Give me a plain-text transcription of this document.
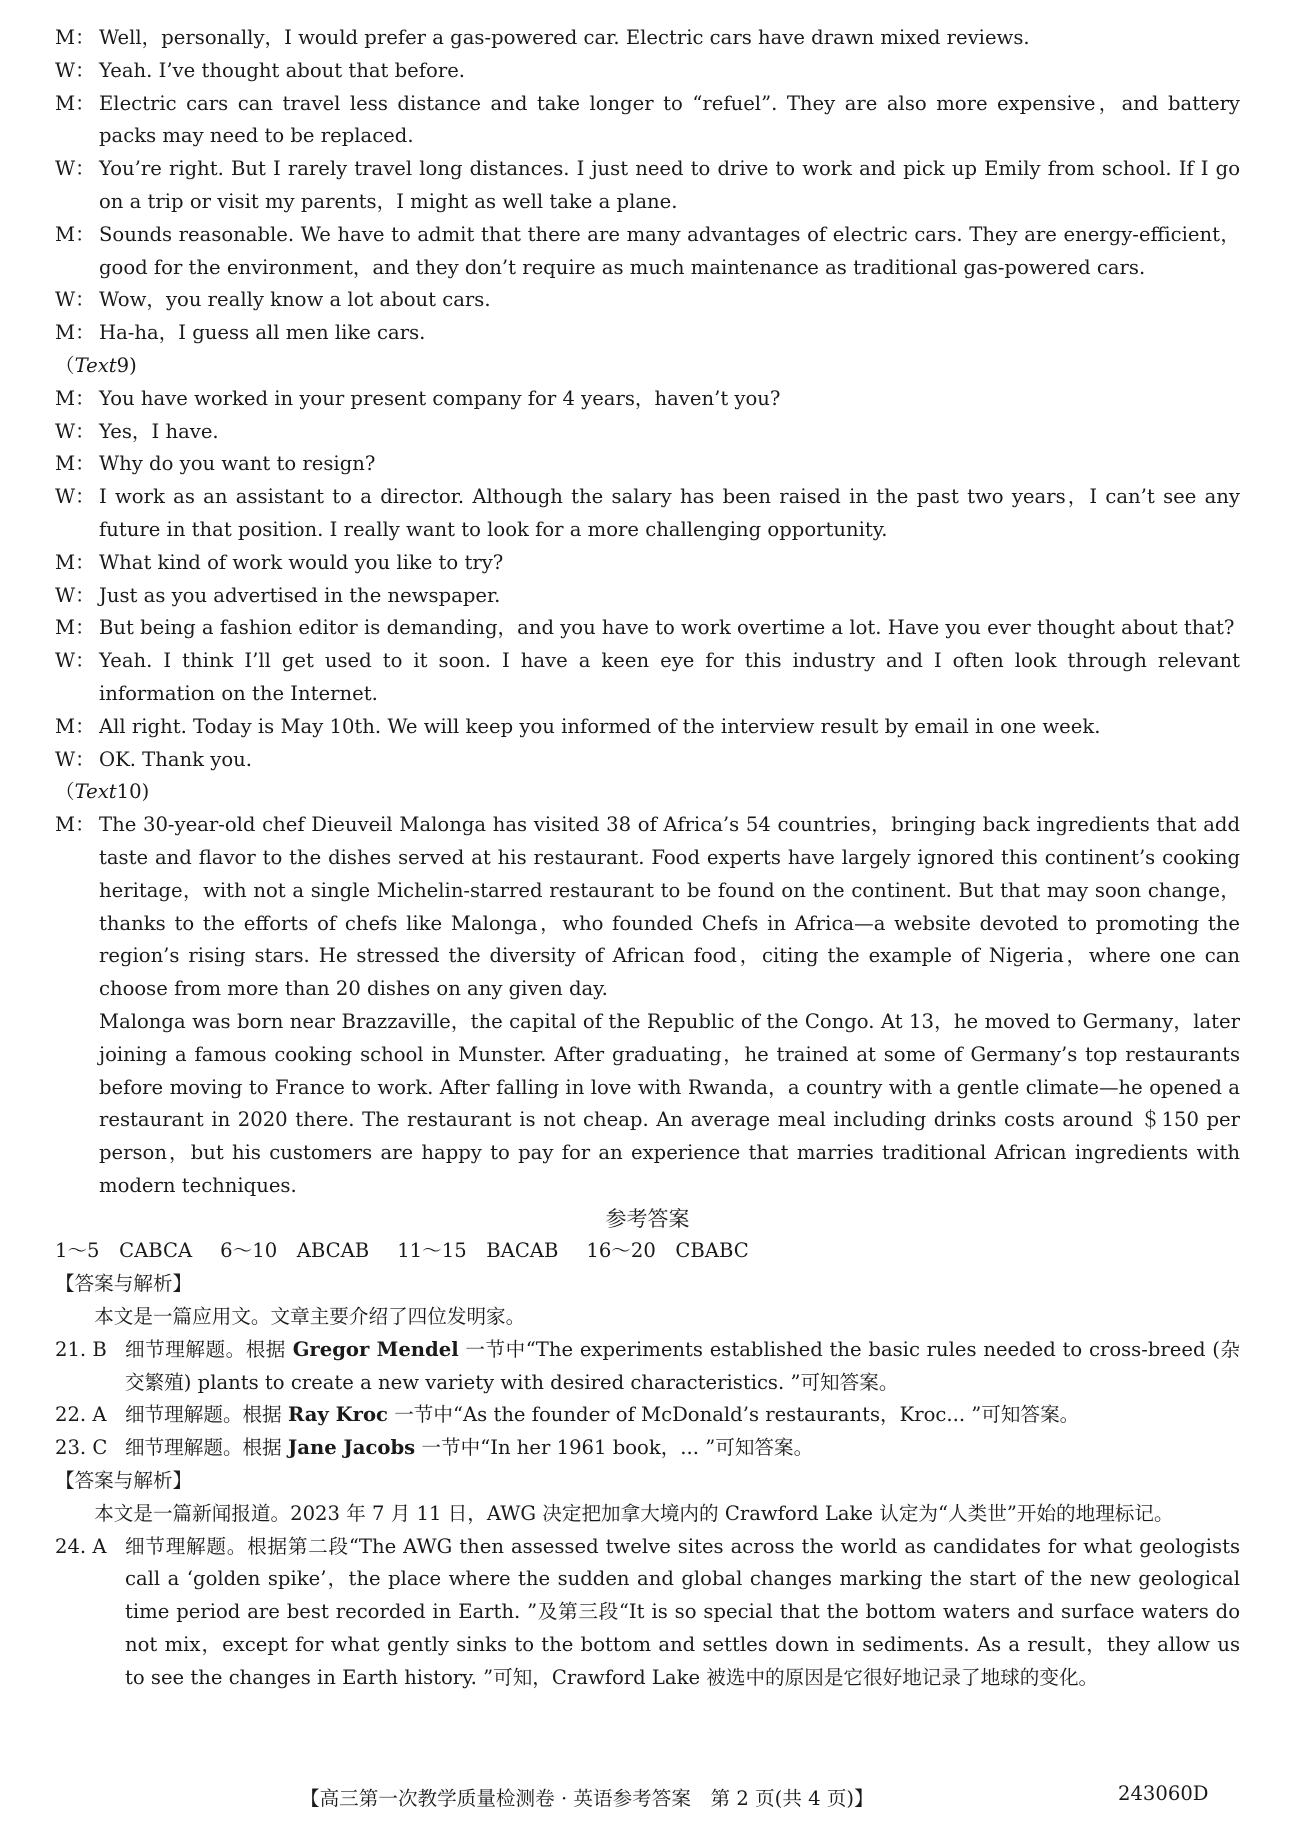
M： Well，personally，I would prefer a gas-powered car. Electric cars have drawn mixed reviews.
W： Yeah. I’ve thought about that before.
M： Electric cars can travel less distance and take longer to “refuel”. They are also more expensive，and battery packs may need to be replaced.
W： You’re right. But I rarely travel long distances. I just need to drive to work and pick up Emily from school. If I go on a trip or visit my parents，I might as well take a plane.
M： Sounds reasonable. We have to admit that there are many advantages of electric cars. They are energy-efficient，good for the environment，and they don’t require as much maintenance as traditional gas-powered cars.
W： Wow，you really know a lot about cars.
M： Ha-ha，I guess all men like cars.
（ Text 9)
M： You have worked in your present company for 4 years，haven’t you?
W： Yes，I have.
M： Why do you want to resign?
W： I work as an assistant to a director. Although the salary has been raised in the past two years，I can’t see any future in that position. I really want to look for a more challenging opportunity.
M： What kind of work would you like to try?
W： Just as you advertised in the newspaper.
M： But being a fashion editor is demanding，and you have to work overtime a lot. Have you ever thought about that?
W： Yeah. I think I’ll get used to it soon. I have a keen eye for this industry and I often look through relevant information on the Internet.
M： All right. Today is May 10th. We will keep you informed of the interview result by email in one week.
W： OK. Thank you.
（ Text 10)
M： The 30-year-old chef Dieuveil Malonga has visited 38 of Africa’s 54 countries，bringing back ingredients that add taste and flavor to the dishes served at his restaurant. Food experts have largely ignored this continent’s cooking heritage，with not a single Michelin-starred restaurant to be found on the continent. But that may soon change，thanks to the efforts of chefs like Malonga，who founded Chefs in Africa—a website devoted to promoting the region’s rising stars. He stressed the diversity of African food，citing the example of Nigeria，where one can choose from more than 20 dishes on any given day.
Malonga was born near Brazzaville，the capital of the Republic of the Congo. At 13，he moved to Germany，later joining a famous cooking school in Munster. After graduating，he trained at some of Germany’s top restaurants before moving to France to work. After falling in love with Rwanda，a country with a gentle climate—he opened a restaurant in 2020 there. The restaurant is not cheap. An average meal including drinks costs around ＄150 per person，but his customers are happy to pay for an experience that marries traditional African ingredients with modern techniques.
参考答案
1～5　CABCA 6～10　ABCAB 11～15　BACAB 16～20　CBABC
【答案与解析】
本文是一篇应用文。文章主要介绍了四位发明家。
21. B 细节理解题。根据 Gregor Mendel 一节中“The experiments established the basic rules needed to cross-breed (杂交繁殖) plants to create a new variety with desired characteristics. ”可知答案。
22. A 细节理解题。根据 Ray Kroc 一节中“As the founder of McDonald’s restaurants，Kroc... ”可知答案。
23. C 细节理解题。根据 Jane Jacobs 一节中“In her 1961 book，... ”可知答案。
【答案与解析】
本文是一篇新闻报道。2023 年 7 月 11 日，AWG 决定把加拿大境内的 Crawford Lake 认定为“人类世”开始的地理标记。
24. A 细节理解题。根据第二段“The AWG then assessed twelve sites across the world as candidates for what geologists call a ‘golden spike’，the place where the sudden and global changes marking the start of the new geological time period are best recorded in Earth. ”及第三段“It is so special that the bottom waters and surface waters do not mix，except for what gently sinks to the bottom and settles down in sediments. As a result，they allow us to see the changes in Earth history. ”可知，Crawford Lake 被选中的原因是它很好地记录了地球的变化。
【高三第一次教学质量检测卷 · 英语参考答案　第 2 页(共 4 页)】	243060D
